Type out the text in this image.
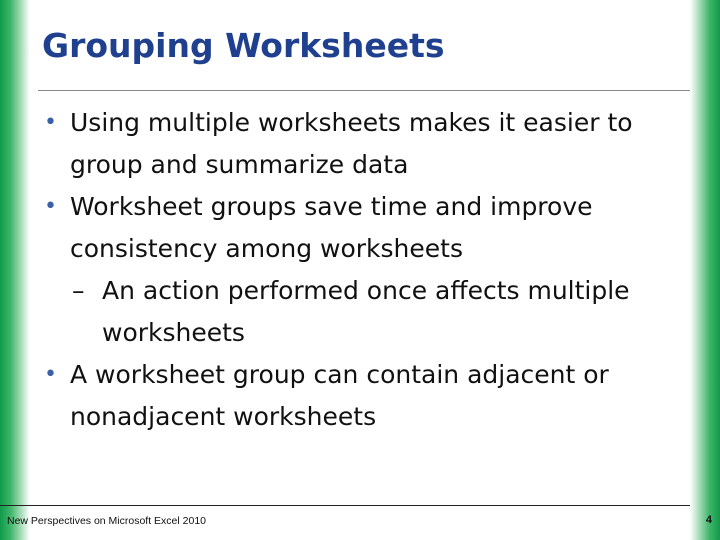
Grouping Worksheets
• Using multiple worksheets makes it easier to group and summarize data
• Worksheet groups save time and improve consistency among worksheets
– An action performed once affects multiple worksheets
• A worksheet group can contain adjacent or nonadjacent worksheets
New Perspectives on Microsoft Excel 2010	4
